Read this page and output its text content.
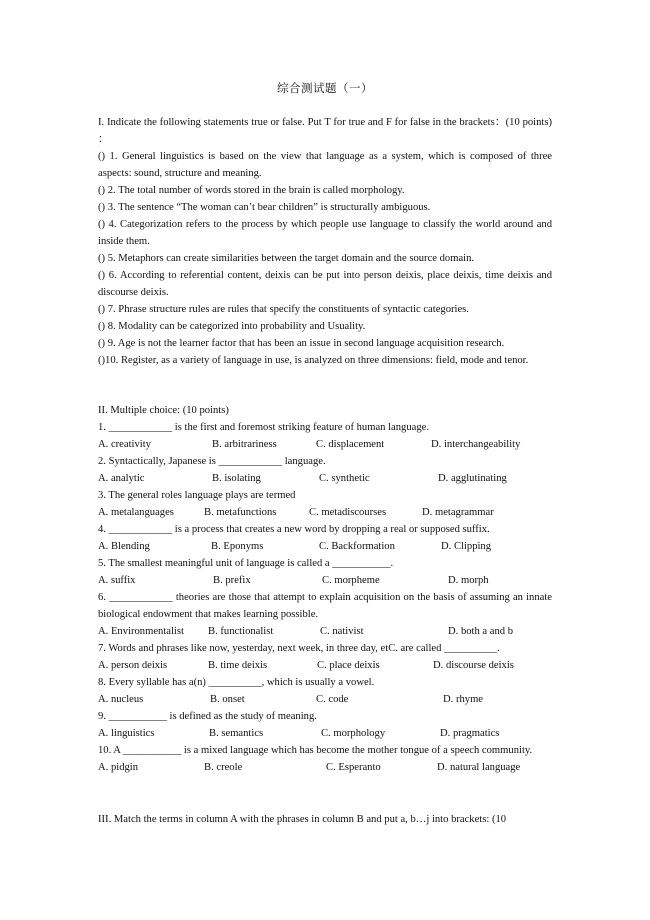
综合测试题（一）

I. Indicate the following statements true or false. Put T for true and F for false in the brackets：(10 points) ：

() 1. General linguistics is based on the view that language as a system, which is composed of three aspects: sound, structure and meaning.

() 2. The total number of words stored in the brain is called morphology.

() 3. The sentence “The woman can’t bear children” is structurally ambiguous.

() 4. Categorization refers to the process by which people use language to classify the world around and inside them.

() 5. Metaphors can create similarities between the target domain and the source domain.

() 6. According to referential content, deixis can be put into person deixis, place deixis, time deixis and discourse deixis.

() 7. Phrase structure rules are rules that specify the constituents of syntactic categories.

() 8. Modality can be categorized into probability and Usuality.

() 9. Age is not the learner factor that has been an issue in second language acquisition research.

()10. Register, as a variety of language in use, is analyzed on three dimensions: field, mode and tenor.

II. Multiple choice: (10 points)

1. ____________ is the first and foremost striking feature of human language.

A. creativity	B. arbitrariness	C. displacement	D. interchangeability

2. Syntactically, Japanese is ____________ language.

A. analytic	B. isolating	C. synthetic	D. agglutinating

3. The general roles language plays are termed

A. metalanguages	B. metafunctions	C. metadiscourses	D. metagrammar

4. ____________ is a process that creates a new word by dropping a real or supposed suffix.

A. Blending	B. Eponyms	C. Backformation	D. Clipping

5. The smallest meaningful unit of language is called a ___________.

A. suffix	B. prefix	C. morpheme	D. morph

6. ____________ theories are those that attempt to explain acquisition on the basis of assuming an innate biological endowment that makes learning possible.

A. Environmentalist B. functionalist	C. nativist	D. both a and b

7. Words and phrases like now, yesterday, next week, in three day, etC. are called __________.

A. person deixis	B. time deixis	C. place deixis	D. discourse deixis

8. Every syllable has a(n) __________, which is usually a vowel.

A. nucleus	B. onset	C. code	D. rhyme

9. ___________ is defined as the study of meaning.

A. linguistics	B. semantics	C. morphology	D. pragmatics

10. A ___________ is a mixed language which has become the mother tongue of a speech community.

A. pidgin	B. creole	C. Esperanto	D. natural language

III. Match the terms in column A with the phrases in column B and put a, b…j into brackets: (10
